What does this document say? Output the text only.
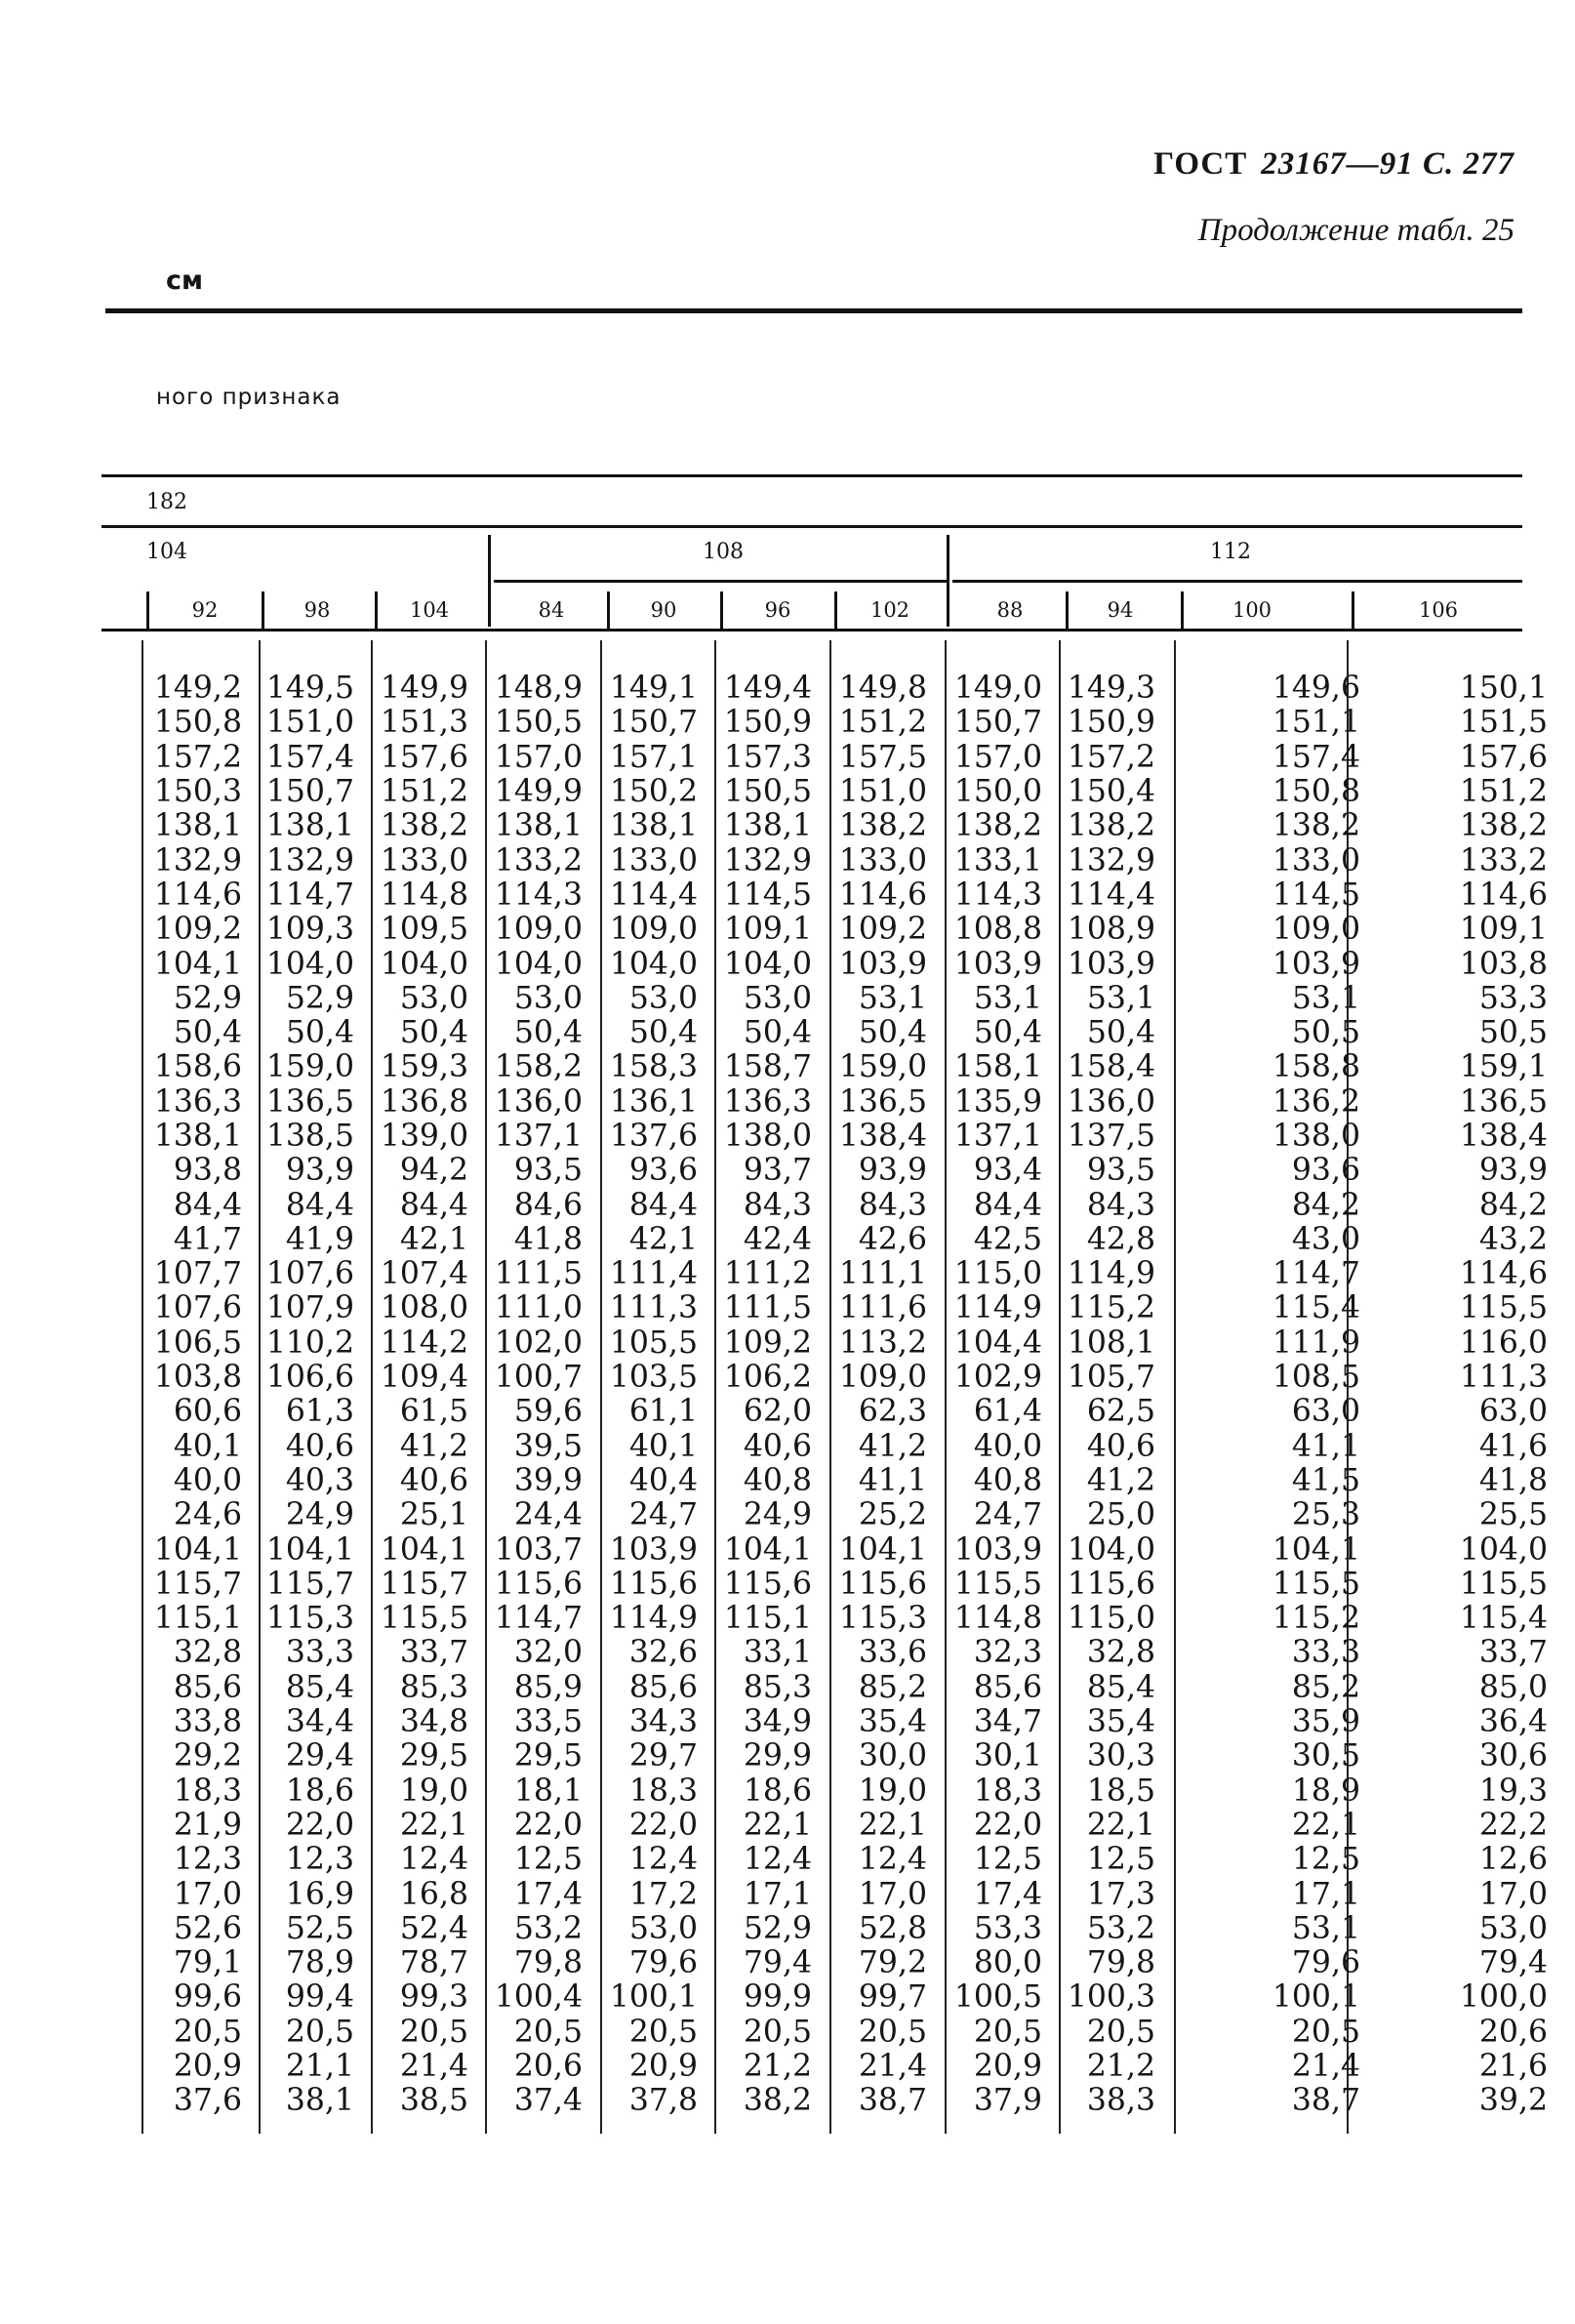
ГОСТ 23167—91 С. 277
Продолжение табл. 25
см
ного признака
182
104	108	112
92	98	104	84	90	96	102	88	94	100	106
149,2	149,5	149,9	148,9	149,1	149,4	149,8	149,0	149,3	149,6	150,1
150,8	151,0	151,3	150,5	150,7	150,9	151,2	150,7	150,9	151,1	151,5
157,2	157,4	157,6	157,0	157,1	157,3	157,5	157,0	157,2	157,4	157,6
150,3	150,7	151,2	149,9	150,2	150,5	151,0	150,0	150,4	150,8	151,2
138,1	138,1	138,2	138,1	138,1	138,1	138,2	138,2	138,2	138,2	138,2
132,9	132,9	133,0	133,2	133,0	132,9	133,0	133,1	132,9	133,0	133,2
114,6	114,7	114,8	114,3	114,4	114,5	114,6	114,3	114,4	114,5	114,6
109,2	109,3	109,5	109,0	109,0	109,1	109,2	108,8	108,9	109,0	109,1
104,1	104,0	104,0	104,0	104,0	104,0	103,9	103,9	103,9	103,9	103,8
52,9	52,9	53,0	53,0	53,0	53,0	53,1	53,1	53,1	53,1	53,3
50,4	50,4	50,4	50,4	50,4	50,4	50,4	50,4	50,4	50,5	50,5
158,6	159,0	159,3	158,2	158,3	158,7	159,0	158,1	158,4	158,8	159,1
136,3	136,5	136,8	136,0	136,1	136,3	136,5	135,9	136,0	136,2	136,5
138,1	138,5	139,0	137,1	137,6	138,0	138,4	137,1	137,5	138,0	138,4
93,8	93,9	94,2	93,5	93,6	93,7	93,9	93,4	93,5	93,6	93,9
84,4	84,4	84,4	84,6	84,4	84,3	84,3	84,4	84,3	84,2	84,2
41,7	41,9	42,1	41,8	42,1	42,4	42,6	42,5	42,8	43,0	43,2
107,7	107,6	107,4	111,5	111,4	111,2	111,1	115,0	114,9	114,7	114,6
107,6	107,9	108,0	111,0	111,3	111,5	111,6	114,9	115,2	115,4	115,5
106,5	110,2	114,2	102,0	105,5	109,2	113,2	104,4	108,1	111,9	116,0
103,8	106,6	109,4	100,7	103,5	106,2	109,0	102,9	105,7	108,5	111,3
60,6	61,3	61,5	59,6	61,1	62,0	62,3	61,4	62,5	63,0	63,0
40,1	40,6	41,2	39,5	40,1	40,6	41,2	40,0	40,6	41,1	41,6
40,0	40,3	40,6	39,9	40,4	40,8	41,1	40,8	41,2	41,5	41,8
24,6	24,9	25,1	24,4	24,7	24,9	25,2	24,7	25,0	25,3	25,5
104,1	104,1	104,1	103,7	103,9	104,1	104,1	103,9	104,0	104,1	104,0
115,7	115,7	115,7	115,6	115,6	115,6	115,6	115,5	115,6	115,5	115,5
115,1	115,3	115,5	114,7	114,9	115,1	115,3	114,8	115,0	115,2	115,4
32,8	33,3	33,7	32,0	32,6	33,1	33,6	32,3	32,8	33,3	33,7
85,6	85,4	85,3	85,9	85,6	85,3	85,2	85,6	85,4	85,2	85,0
33,8	34,4	34,8	33,5	34,3	34,9	35,4	34,7	35,4	35,9	36,4
29,2	29,4	29,5	29,5	29,7	29,9	30,0	30,1	30,3	30,5	30,6
18,3	18,6	19,0	18,1	18,3	18,6	19,0	18,3	18,5	18,9	19,3
21,9	22,0	22,1	22,0	22,0	22,1	22,1	22,0	22,1	22,1	22,2
12,3	12,3	12,4	12,5	12,4	12,4	12,4	12,5	12,5	12,5	12,6
17,0	16,9	16,8	17,4	17,2	17,1	17,0	17,4	17,3	17,1	17,0
52,6	52,5	52,4	53,2	53,0	52,9	52,8	53,3	53,2	53,1	53,0
79,1	78,9	78,7	79,8	79,6	79,4	79,2	80,0	79,8	79,6	79,4
99,6	99,4	99,3	100,4	100,1	99,9	99,7	100,5	100,3	100,1	100,0
20,5	20,5	20,5	20,5	20,5	20,5	20,5	20,5	20,5	20,5	20,6
20,9	21,1	21,4	20,6	20,9	21,2	21,4	20,9	21,2	21,4	21,6
37,6	38,1	38,5	37,4	37,8	38,2	38,7	37,9	38,3	38,7	39,2
